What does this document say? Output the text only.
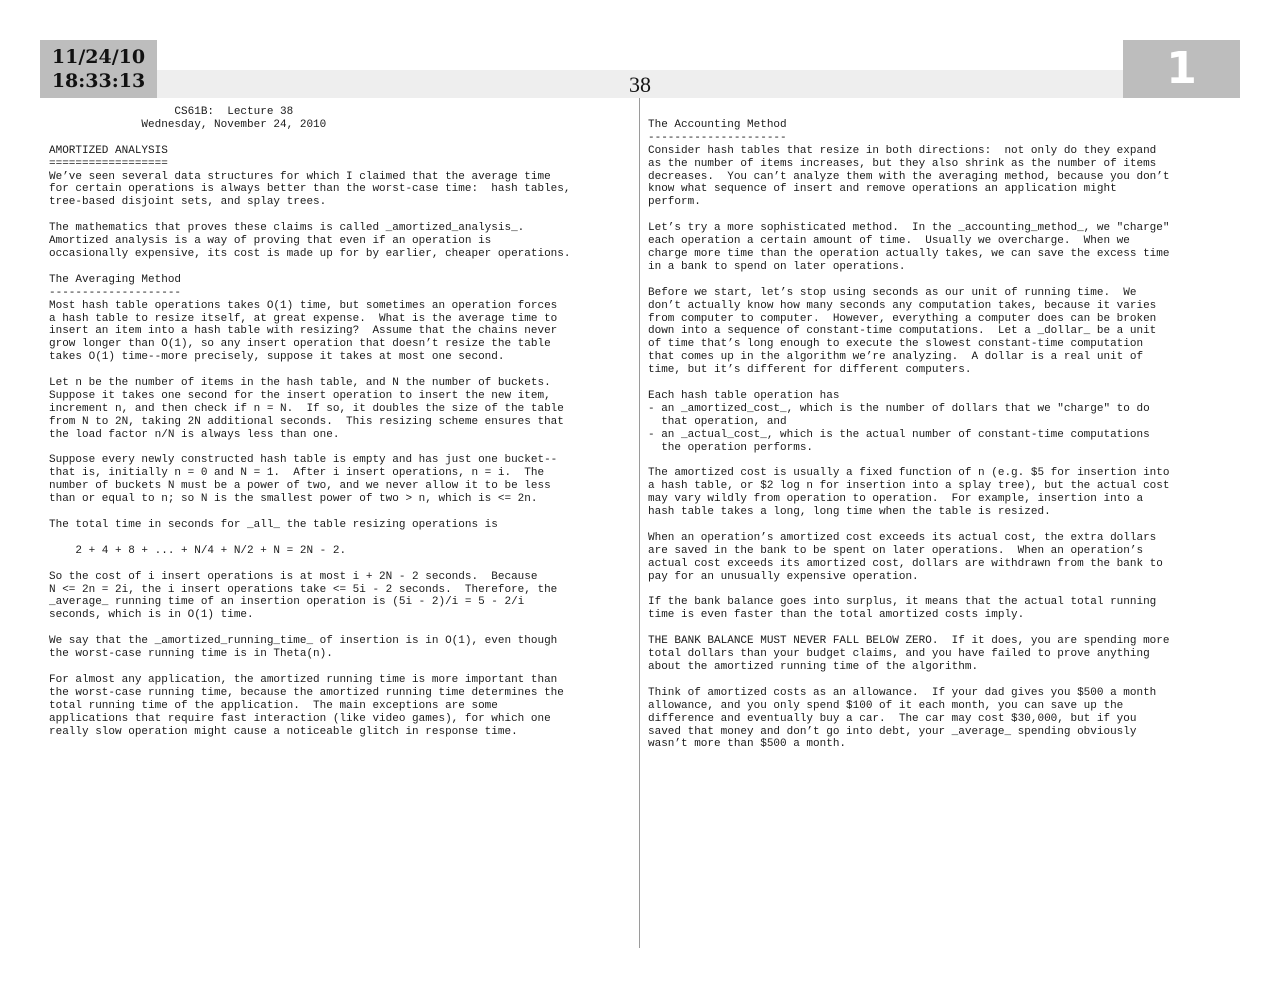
11/24/10
18:33:13	38	1
CS61B:  Lecture 38
Wednesday, November 24, 2010

AMORTIZED ANALYSIS
==================
We’ve seen several data structures for which I claimed that the average time
for certain operations is always better than the worst-case time:  hash tables,
tree-based disjoint sets, and splay trees.

The mathematics that proves these claims is called _amortized_analysis_.
Amortized analysis is a way of proving that even if an operation is
occasionally expensive, its cost is made up for by earlier, cheaper operations.

The Averaging Method
--------------------
Most hash table operations takes O(1) time, but sometimes an operation forces
a hash table to resize itself, at great expense.  What is the average time to
insert an item into a hash table with resizing?  Assume that the chains never
grow longer than O(1), so any insert operation that doesn’t resize the table
takes O(1) time--more precisely, suppose it takes at most one second.

Let n be the number of items in the hash table, and N the number of buckets.
Suppose it takes one second for the insert operation to insert the new item,
increment n, and then check if n = N.  If so, it doubles the size of the table
from N to 2N, taking 2N additional seconds.  This resizing scheme ensures that
the load factor n/N is always less than one.

Suppose every newly constructed hash table is empty and has just one bucket--
that is, initially n = 0 and N = 1.  After i insert operations, n = i.  The
number of buckets N must be a power of two, and we never allow it to be less
than or equal to n; so N is the smallest power of two > n, which is <= 2n.

The total time in seconds for _all_ the table resizing operations is

2 + 4 + 8 + ... + N/4 + N/2 + N = 2N - 2.

So the cost of i insert operations is at most i + 2N - 2 seconds.  Because
N <= 2n = 2i, the i insert operations take <= 5i - 2 seconds.  Therefore, the
_average_ running time of an insertion operation is (5i - 2)/i = 5 - 2/i
seconds, which is in O(1) time.

We say that the _amortized_running_time_ of insertion is in O(1), even though
the worst-case running time is in Theta(n).

For almost any application, the amortized running time is more important than
the worst-case running time, because the amortized running time determines the
total running time of the application.  The main exceptions are some
applications that require fast interaction (like video games), for which one
really slow operation might cause a noticeable glitch in response time.

The Accounting Method
---------------------
Consider hash tables that resize in both directions:  not only do they expand
as the number of items increases, but they also shrink as the number of items
decreases.  You can’t analyze them with the averaging method, because you don’t
know what sequence of insert and remove operations an application might
perform.

Let’s try a more sophisticated method.  In the _accounting_method_, we "charge"
each operation a certain amount of time.  Usually we overcharge.  When we
charge more time than the operation actually takes, we can save the excess time
in a bank to spend on later operations.

Before we start, let’s stop using seconds as our unit of running time.  We
don’t actually know how many seconds any computation takes, because it varies
from computer to computer.  However, everything a computer does can be broken
down into a sequence of constant-time computations.  Let a _dollar_ be a unit
of time that’s long enough to execute the slowest constant-time computation
that comes up in the algorithm we’re analyzing.  A dollar is a real unit of
time, but it’s different for different computers.

Each hash table operation has
- an _amortized_cost_, which is the number of dollars that we "charge" to do
that operation, and
- an _actual_cost_, which is the actual number of constant-time computations
the operation performs.

The amortized cost is usually a fixed function of n (e.g. $5 for insertion into
a hash table, or $2 log n for insertion into a splay tree), but the actual cost
may vary wildly from operation to operation.  For example, insertion into a
hash table takes a long, long time when the table is resized.

When an operation’s amortized cost exceeds its actual cost, the extra dollars
are saved in the bank to be spent on later operations.  When an operation’s
actual cost exceeds its amortized cost, dollars are withdrawn from the bank to
pay for an unusually expensive operation.

If the bank balance goes into surplus, it means that the actual total running
time is even faster than the total amortized costs imply.

THE BANK BALANCE MUST NEVER FALL BELOW ZERO.  If it does, you are spending more
total dollars than your budget claims, and you have failed to prove anything
about the amortized running time of the algorithm.

Think of amortized costs as an allowance.  If your dad gives you $500 a month
allowance, and you only spend $100 of it each month, you can save up the
difference and eventually buy a car.  The car may cost $30,000, but if you
saved that money and don’t go into debt, your _average_ spending obviously
wasn’t more than $500 a month.
